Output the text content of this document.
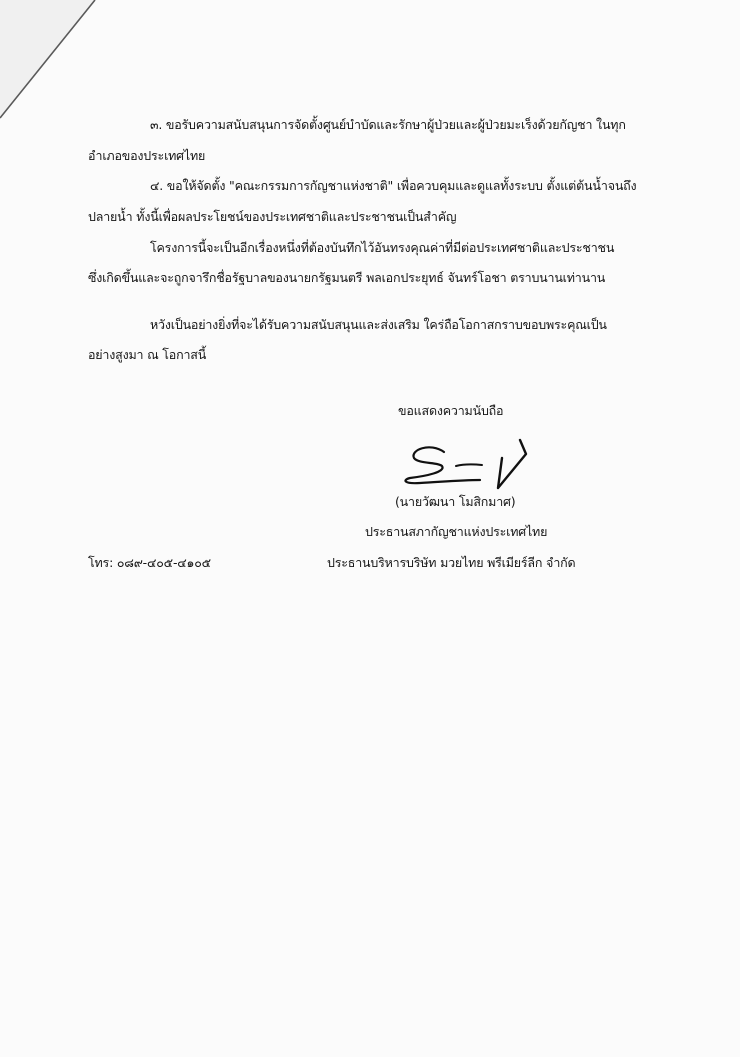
๓. ขอรับความสนับสนุนการจัดตั้งศูนย์บำบัดและรักษาผู้ป่วยและผู้ป่วยมะเร็งด้วยกัญชา ในทุก
อำเภอของประเทศไทย
๔. ขอให้จัดตั้ง "คณะกรรมการกัญชาแห่งชาติ" เพื่อควบคุมและดูแลทั้งระบบ ตั้งแต่ต้นน้ำจนถึง
ปลายน้ำ ทั้งนี้เพื่อผลประโยชน์ของประเทศชาติและประชาชนเป็นสำคัญ
โครงการนี้จะเป็นอีกเรื่องหนึ่งที่ต้องบันทึกไว้อันทรงคุณค่าที่มีต่อประเทศชาติและประชาชน
ซึ่งเกิดขึ้นและจะถูกจารึกชื่อรัฐบาลของนายกรัฐมนตรี พลเอกประยุทธ์ จันทร์โอชา ตราบนานเท่านาน
หวังเป็นอย่างยิ่งที่จะได้รับความสนับสนุนและส่งเสริม ใคร่ถือโอกาสกราบขอบพระคุณเป็น
อย่างสูงมา ณ โอกาสนี้
ขอแสดงความนับถือ
(นายวัฒนา โมสิกมาศ)
ประธานสภากัญชาแห่งประเทศไทย
ประธานบริหารบริษัท มวยไทย พรีเมียร์ลีก จำกัด
โทร: ๐๘๙-๔๐๕-๔๑๐๕
